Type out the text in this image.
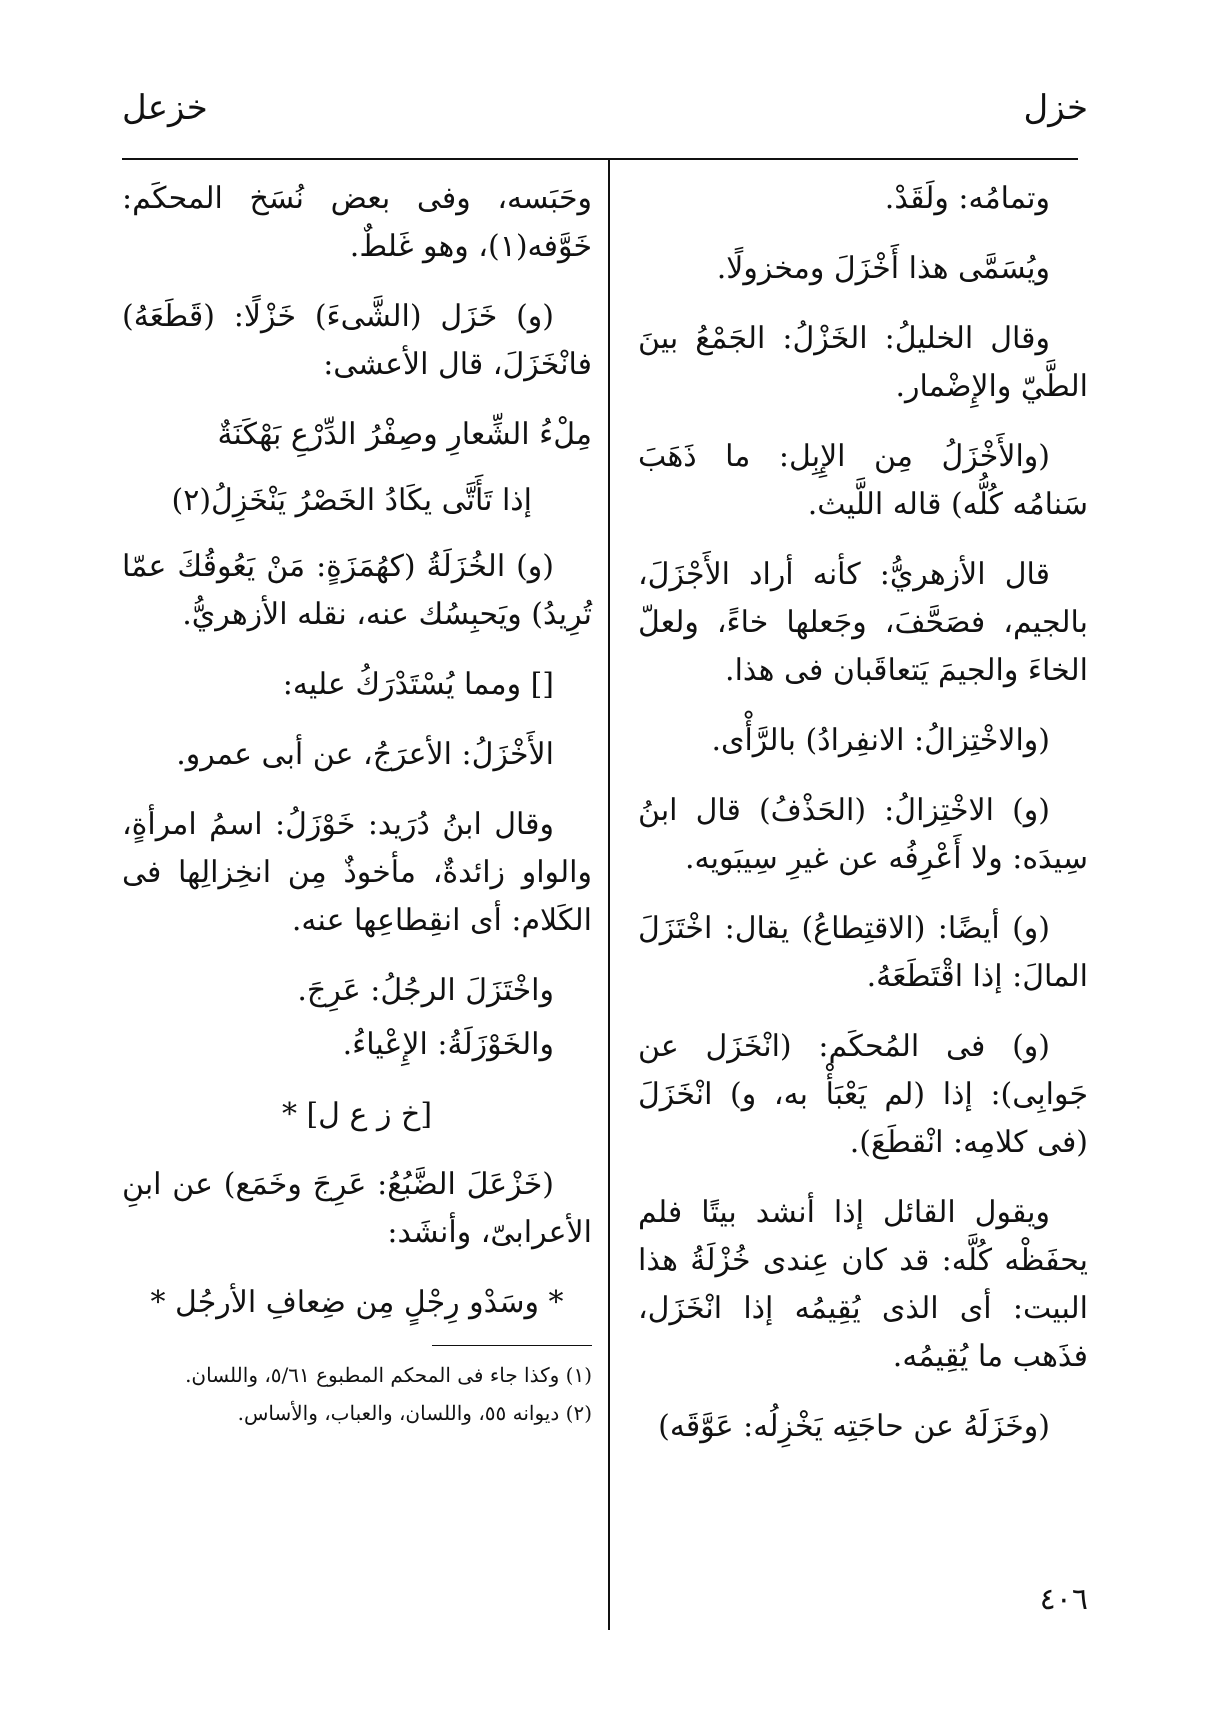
خزل
خزعل

وتمامُه: ولَقَدْ.

ويُسَمَّى هذا أَخْزَلَ ومخزولًا.

وقال الخليلُ: الخَزْلُ: الجَمْعُ بينَ الطَّيّ والإِضْمار.

(والأَخْزَلُ مِن الإِبِل: ما ذَهَبَ سَنامُه كُلُّه) قاله اللَّيث.

قال الأزهريُّ: كأنه أراد الأَجْزَلَ، بالجيم، فصَحَّفَ، وجَعلها خاءً، ولعلّ الخاءَ والجيمَ يَتعاقَبان فى هذا.

(والاخْتِزالُ: الانفِرادُ) بالرَّأْى.

(و) الاخْتِزالُ: (الحَذْفُ) قال ابنُ سِيدَه: ولا أَعْرِفُه عن غيرِ سِيبَويه.

(و) أيضًا: (الاقتِطاعُ) يقال: اخْتَزَلَ المالَ: إذا اقْتَطَعَهُ.

(و) فى المُحكَم: (انْخَزَل عن جَوابِى): إذا (لم يَعْبَأْ به، و) انْخَزَلَ (فى كلامِه: انْقطَعَ).

ويقول القائل إذا أنشد بيتًا فلم يحفَظْه كُلَّه: قد كان عِندى خُزْلَةُ هذا البيت: أى الذى يُقِيمُه إذا انْخَزَل، فذَهب ما يُقِيمُه.

(وخَزَلَهُ عن حاجَتِه يَخْزِلُه: عَوَّقَه)

وحَبَسه، وفى بعض نُسَخ المحكَم: خَوَّفه(١)، وهو غَلطٌ.

(و) خَزَل (الشَّىءَ) خَزْلًا: (قَطَعَهُ) فانْخَزَلَ، قال الأعشى:

مِلْءُ الشِّعارِ وصِفْرُ الدِّرْعِ بَهْكَنَةٌ

إذا تَأَتَّى يكَادُ الخَصْرُ يَنْخَزِلُ(٢)

(و) الخُزَلَةُ (كهُمَزَةٍ: مَنْ يَعُوقُكَ عمّا تُرِيدُ) ويَحبِسُك عنه، نقله الأزهريُّ.

[] ومما يُسْتَدْرَكُ عليه:

الأَخْزَلُ: الأعرَجُ، عن أبى عمرو.

وقال ابنُ دُرَيد: خَوْزَلُ: اسمُ امرأةٍ، والواو زائدةٌ، مأخوذٌ مِن انخِزالِها فى الكَلام: أى انقِطاعِها عنه.

واخْتَزَلَ الرجُلُ: عَرِجَ.

والخَوْزَلَةُ: الإِعْياءُ.

[خ ز ع ل] *

(خَزْعَلَ الضَّبُعُ: عَرِجَ وخَمَع) عن ابنِ الأعرابىّ، وأنشَد:

* وسَدْو رِجْلٍ مِن ضِعافِ الأرجُل *

(١) وكذا جاء فى المحكم المطبوع ٥/٦١، واللسان.

(٢) ديوانه ٥٥، واللسان، والعباب، والأساس.

٤٠٦
